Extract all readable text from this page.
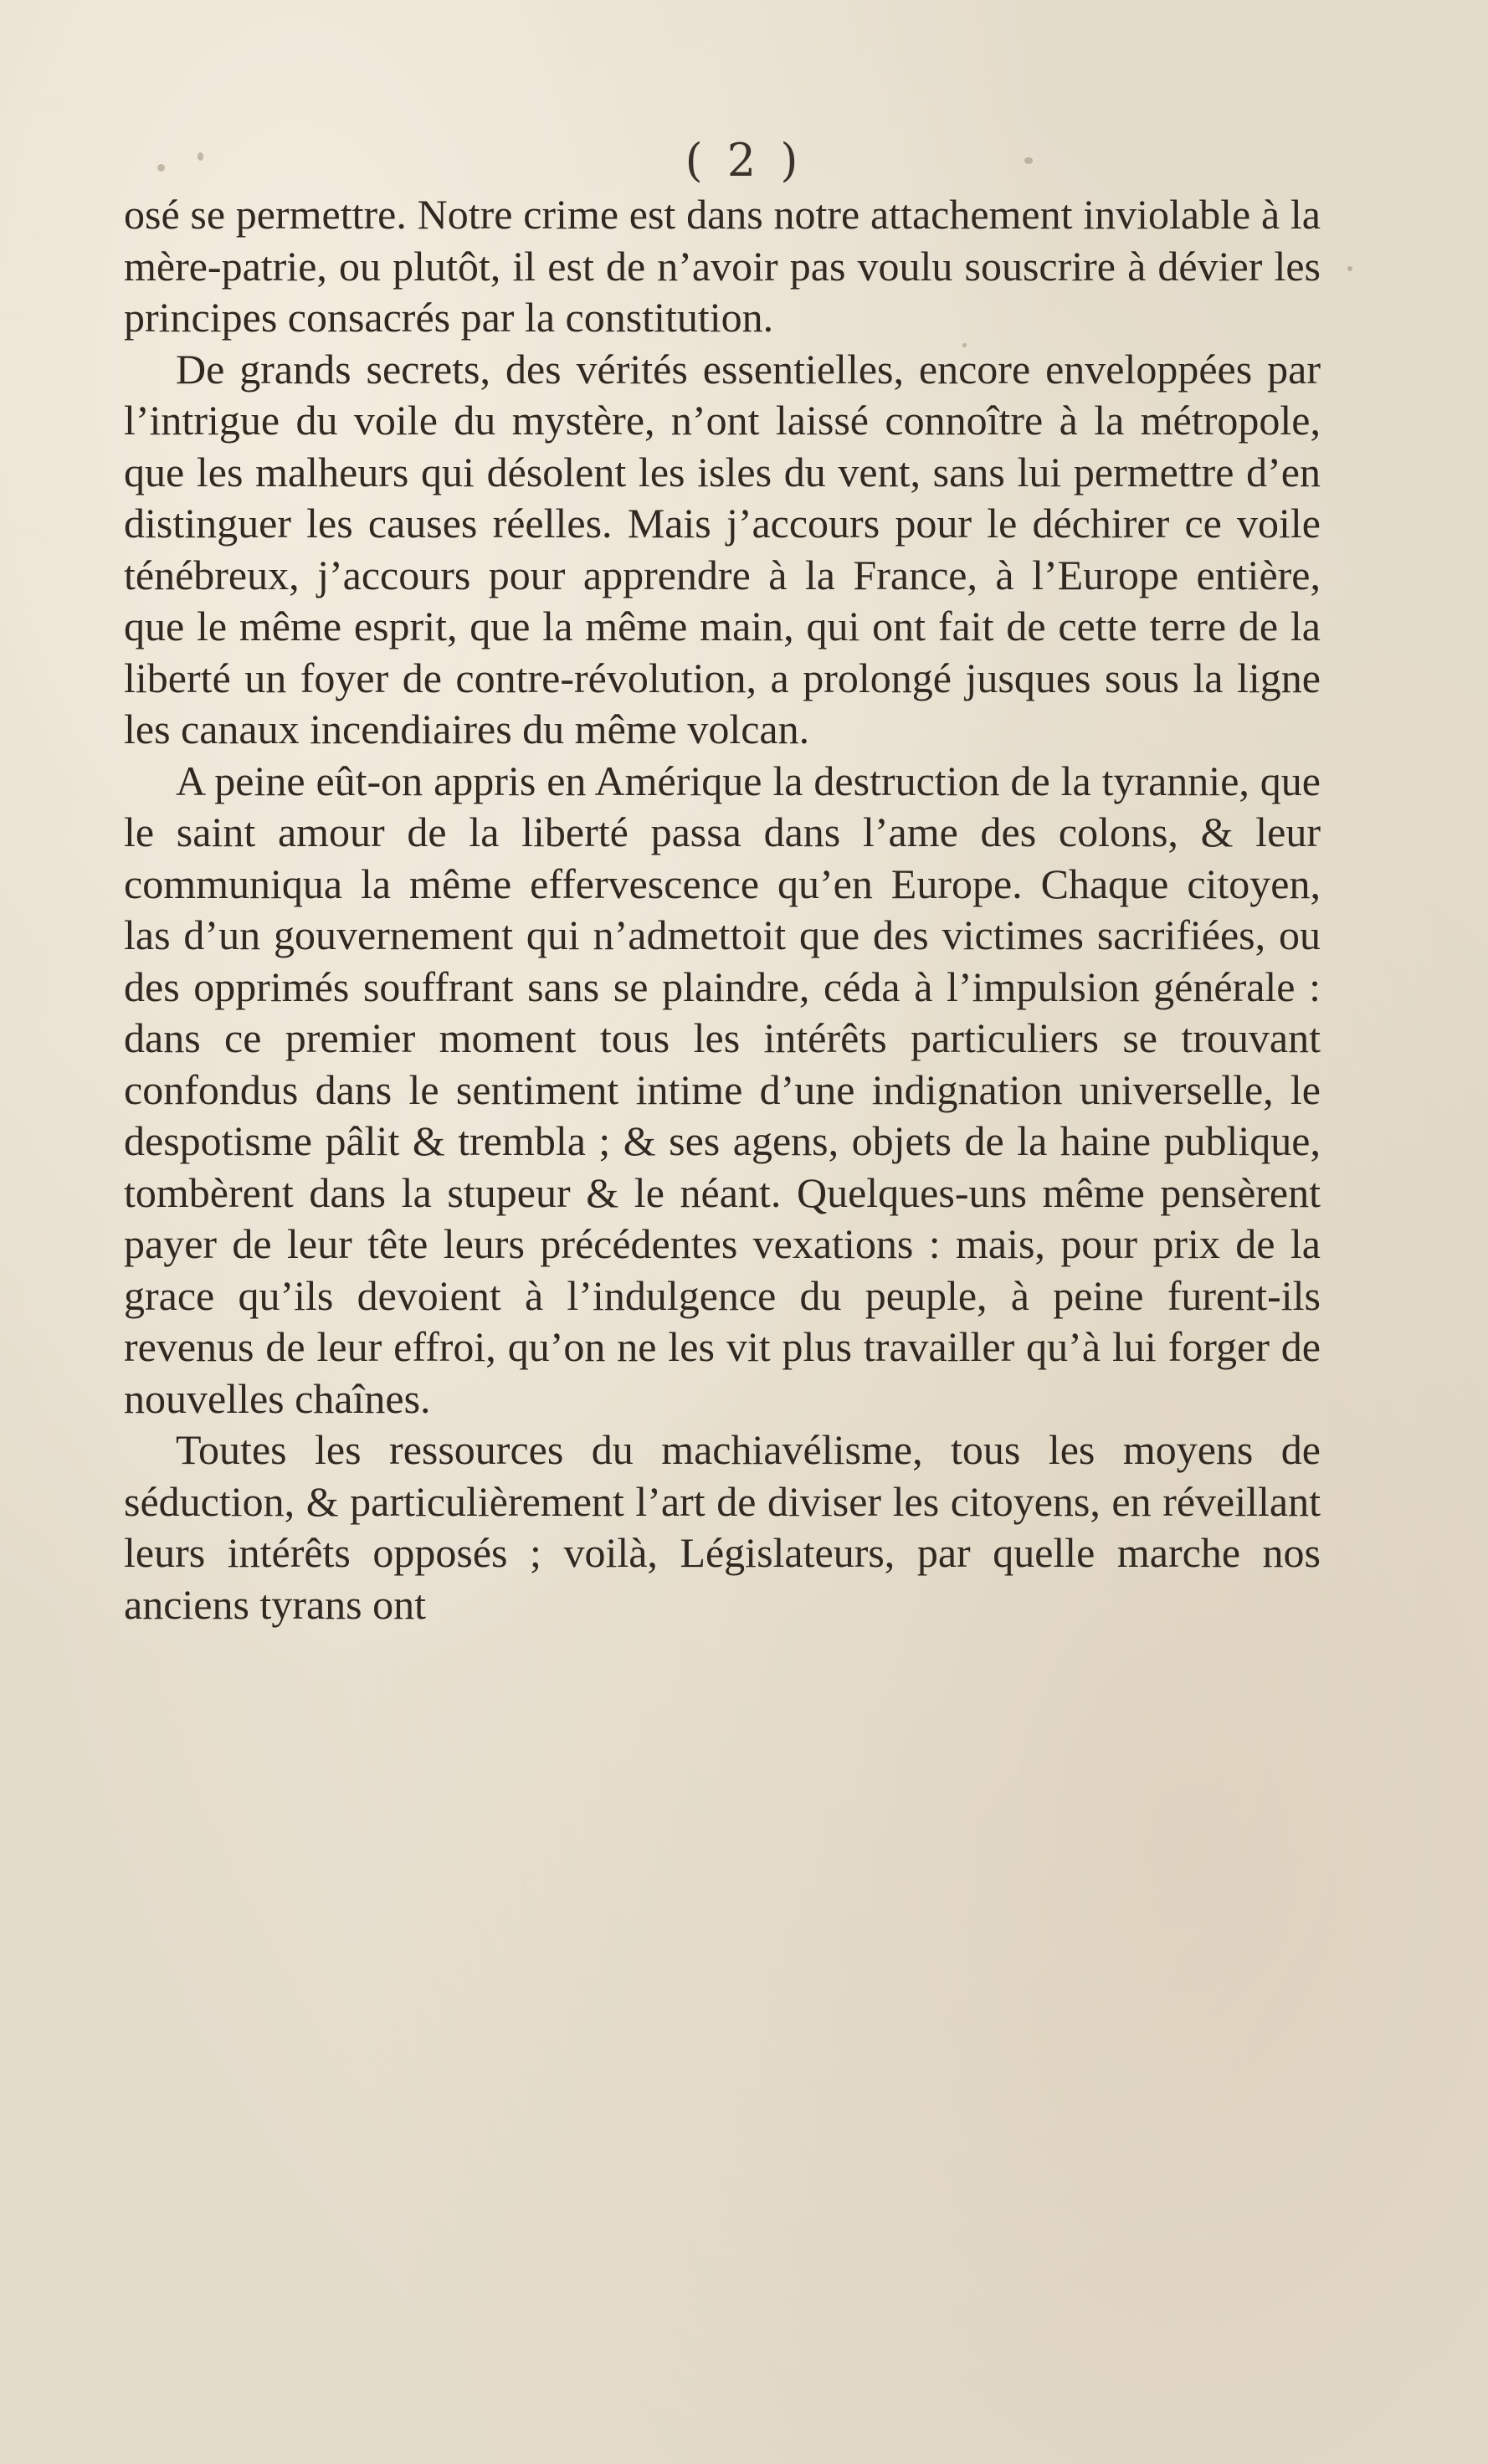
( 2 )

osé se permettre. Notre crime est dans notre attachement inviolable à la mère-patrie, ou plutôt, il est de n’avoir pas voulu souscrire à dévier les principes consacrés par la constitution.

De grands secrets, des vérités essentielles, encore enveloppées par l’intrigue du voile du mystère, n’ont laissé connoître à la métropole, que les malheurs qui désolent les isles du vent, sans lui permettre d’en distinguer les causes réelles. Mais j’accours pour le déchirer ce voile ténébreux, j’accours pour apprendre à la France, à l’Europe entière, que le même esprit, que la même main, qui ont fait de cette terre de la liberté un foyer de contre-révolution, a prolongé jusques sous la ligne les canaux incendiaires du même volcan.

A peine eût-on appris en Amérique la destruction de la tyrannie, que le saint amour de la liberté passa dans l’ame des colons, & leur communiqua la même effervescence qu’en Europe. Chaque citoyen, las d’un gouvernement qui n’admettoit que des victimes sacrifiées, ou des opprimés souffrant sans se plaindre, céda à l’impulsion générale : dans ce premier moment tous les intérêts particuliers se trouvant confondus dans le sentiment intime d’une indignation universelle, le despotisme pâlit & trembla ; & ses agens, objets de la haine publique, tombèrent dans la stupeur & le néant. Quelques-uns même pensèrent payer de leur tête leurs précédentes vexations : mais, pour prix de la grace qu’ils devoient à l’indulgence du peuple, à peine furent-ils revenus de leur effroi, qu’on ne les vit plus travailler qu’à lui forger de nouvelles chaînes.

Toutes les ressources du machiavélisme, tous les moyens de séduction, & particulièrement l’art de diviser les citoyens, en réveillant leurs intérêts opposés ; voilà, Législateurs, par quelle marche nos anciens tyrans ont
